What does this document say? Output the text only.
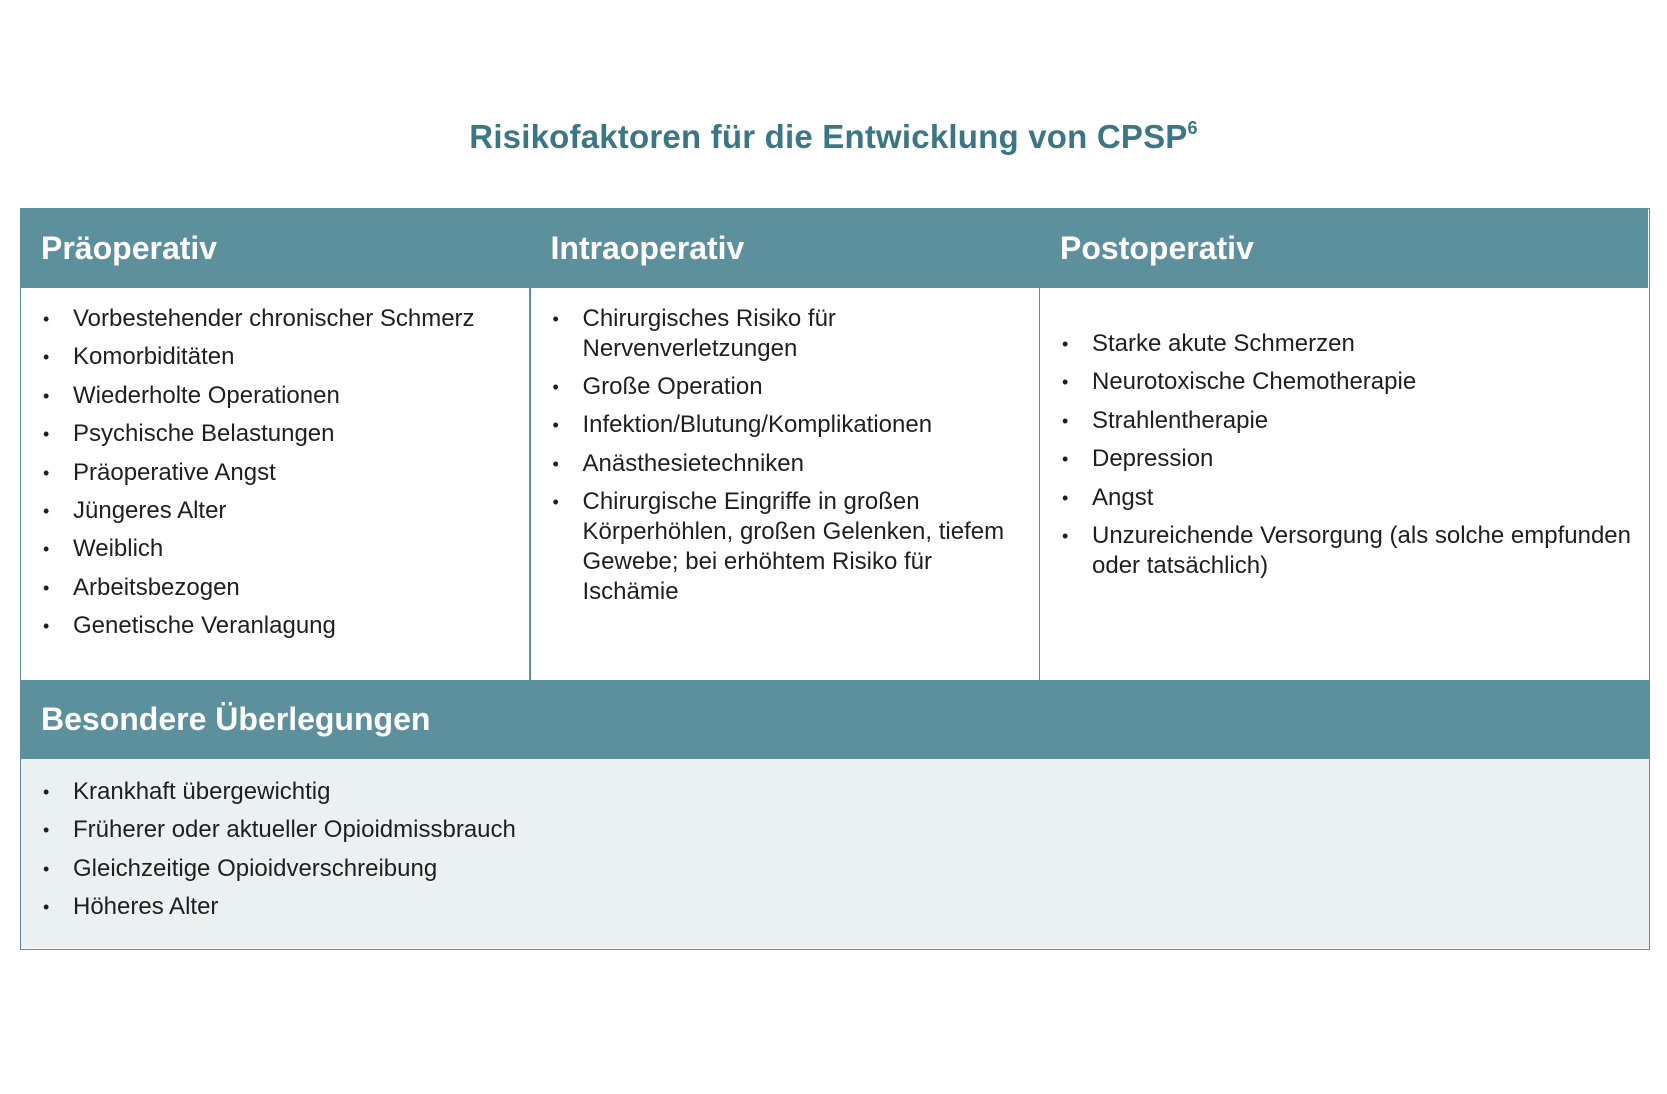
Risikofaktoren für die Entwicklung von CPSP$^6$
Präoperativ
• Vorbestehender chronischer Schmerz
• Komorbiditäten
• Wiederholte Operationen
• Psychische Belastungen
• Präoperative Angst
• Jüngeres Alter
• Weiblich
• Arbeitsbezogen
• Genetische Veranlagung
Intraoperativ
• Chirurgisches Risiko für Nervenverletzungen
• Große Operation
• Infektion/Blutung/Komplikationen
• Anästhesietechniken
• Chirurgische Eingriffe in großen Körperhöhlen, großen Gelenken, tiefem Gewebe; bei erhöhtem Risiko für Ischämie
Postoperativ
• Starke akute Schmerzen
• Neurotoxische Chemotherapie
• Strahlentherapie
• Depression
• Angst
• Unzureichende Versorgung (als solche empfunden oder tatsächlich)
Besondere Überlegungen
• Krankhaft übergewichtig
• Früherer oder aktueller Opioidmissbrauch
• Gleichzeitige Opioidverschreibung
• Höheres Alter
